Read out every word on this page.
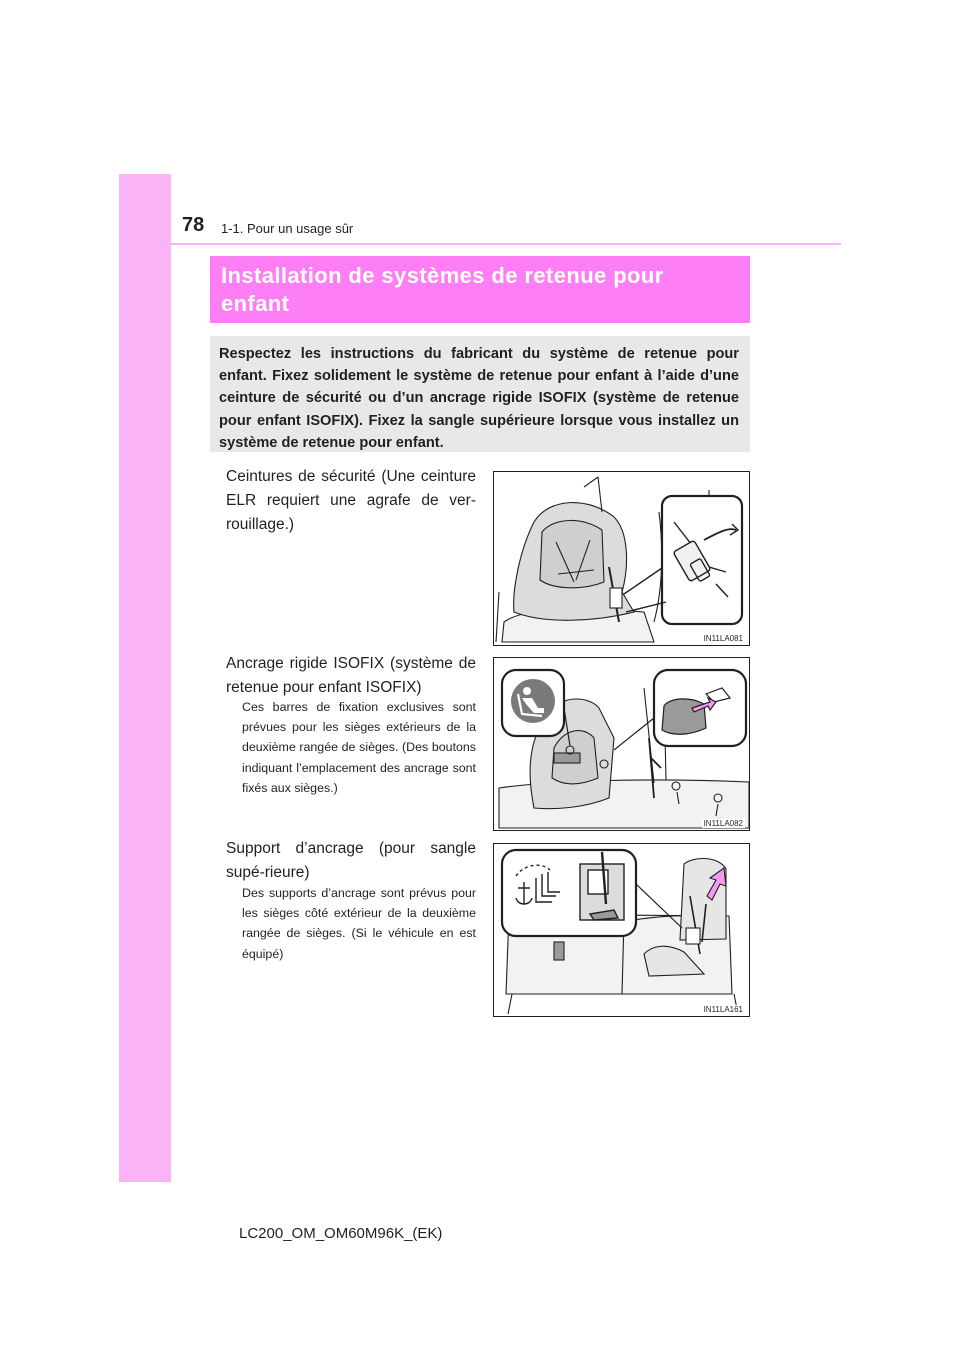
78 1-1. Pour un usage sûr
Installation de systèmes de retenue pour
enfant
Respectez les instructions du fabricant du système de retenue pour enfant. Fixez solidement le système de retenue pour enfant à l’aide d’une ceinture de sécurité ou d’un ancrage rigide ISOFIX (système de retenue pour enfant ISOFIX). Fixez la sangle supérieure lorsque vous installez un système de retenue pour enfant.
Ceintures de sécurité (Une ceinture ELR requiert une agrafe de ver-rouillage.)
IN11LA081
Ancrage rigide ISOFIX (système de retenue pour enfant ISOFIX)
Ces barres de fixation exclusives sont prévues pour les sièges extérieurs de la deuxième rangée de sièges. (Des boutons indiquant l’emplacement des ancrage sont fixés aux sièges.)
IN11LA082
Support d’ancrage (pour sangle supé-rieure)
Des supports d’ancrage sont prévus pour les sièges côté extérieur de la deuxième rangée de sièges. (Si le véhicule en est équipé)
IN11LA161
LC200_OM_OM60M96K_(EK)
